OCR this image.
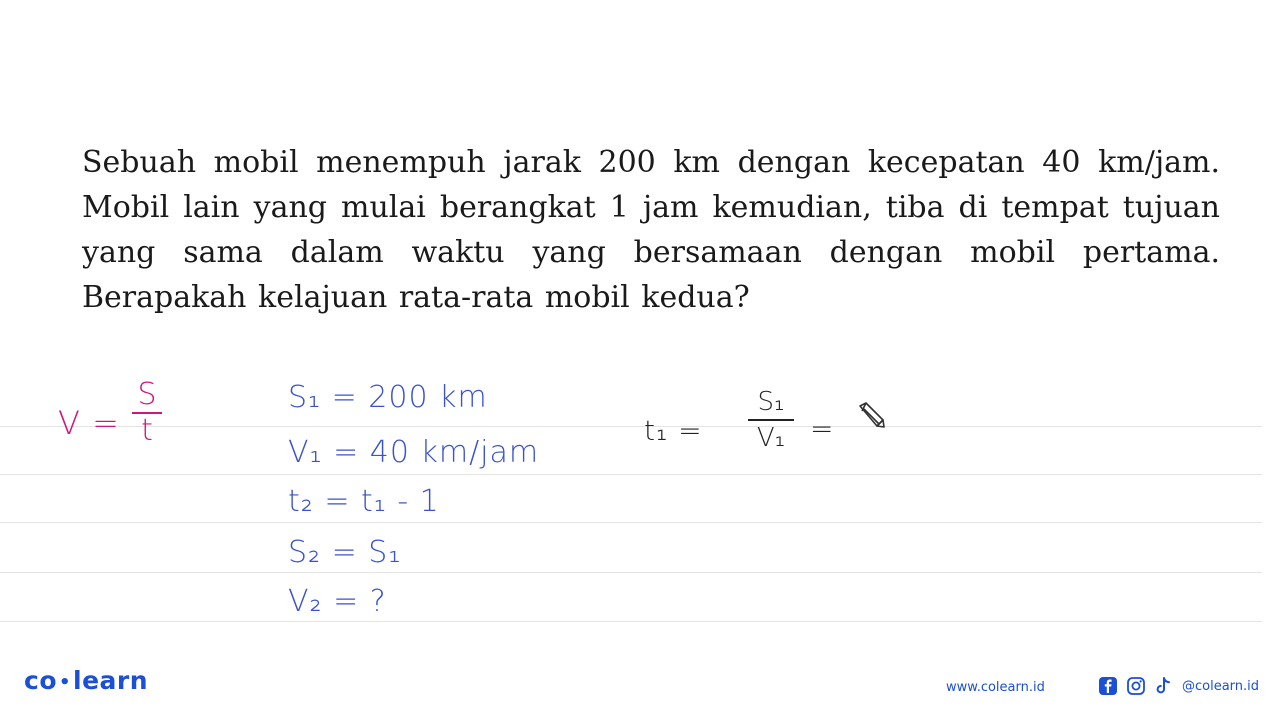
Sebuah mobil menempuh jarak 200 km dengan kecepatan 40 km/jam. Mobil lain yang mulai berangkat 1 jam kemudian, tiba di tempat tujuan yang sama dalam waktu yang bersamaan dengan mobil pertama. Berapakah kelajuan rata-rata mobil kedua?
V =
S
t
S₁ = 200 km
V₁ = 40 km/jam
t₂ = t₁ - 1
S₂ = S₁
V₂ = ?
t₁ =
S₁
V₁ =
co •learn	www.colearn.id	@colearn.id
